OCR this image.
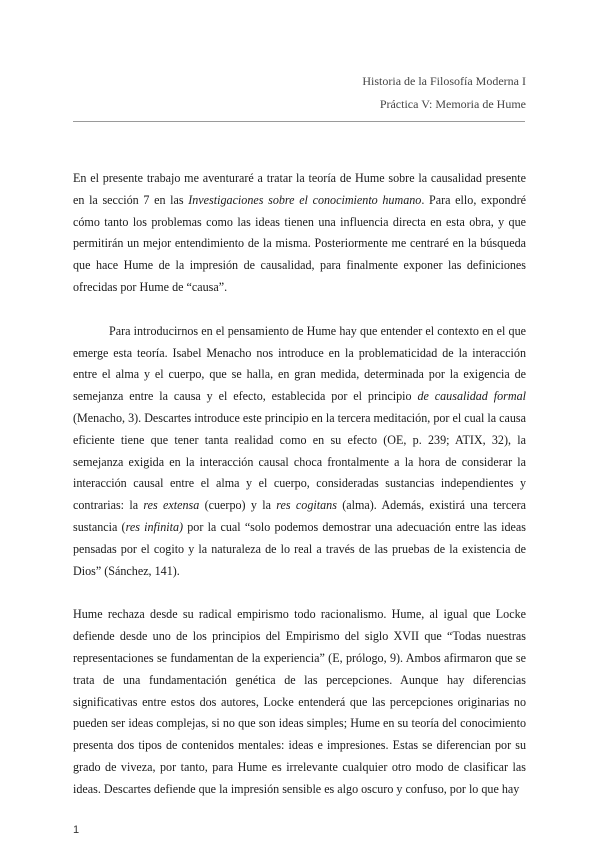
Historia de la Filosofía Moderna I
Práctica V: Memoria de Hume

En el presente trabajo me aventuraré a tratar la teoría de Hume sobre la causalidad presente en la sección 7 en las Investigaciones sobre el conocimiento humano. Para ello, expondré cómo tanto los problemas como las ideas tienen una influencia directa en esta obra, y que permitirán un mejor entendimiento de la misma. Posteriormente me centraré en la búsqueda que hace Hume de la impresión de causalidad, para finalmente exponer las definiciones ofrecidas por Hume de “causa”.

Para introducirnos en el pensamiento de Hume hay que entender el contexto en el que emerge esta teoría. Isabel Menacho nos introduce en la problematicidad de la interacción entre el alma y el cuerpo, que se halla, en gran medida, determinada por la exigencia de semejanza entre la causa y el efecto, establecida por el principio de causalidad formal (Menacho, 3). Descartes introduce este principio en la tercera meditación, por el cual la causa eficiente tiene que tener tanta realidad como en su efecto (OE, p. 239; ATIX, 32), la semejanza exigida en la interacción causal choca frontalmente a la hora de considerar la interacción causal entre el alma y el cuerpo, consideradas sustancias independientes y contrarias: la res extensa (cuerpo) y la res cogitans (alma). Además, existirá una tercera sustancia (res infinita) por la cual “solo podemos demostrar una adecuación entre las ideas pensadas por el cogito y la naturaleza de lo real a través de las pruebas de la existencia de Dios” (Sánchez, 141).

Hume rechaza desde su radical empirismo todo racionalismo. Hume, al igual que Locke defiende desde uno de los principios del Empirismo del siglo XVII que “Todas nuestras representaciones se fundamentan de la experiencia” (E, prólogo, 9). Ambos afirmaron que se trata de una fundamentación genética de las percepciones. Aunque hay diferencias significativas entre estos dos autores, Locke entenderá que las percepciones originarias no pueden ser ideas complejas, si no que son ideas simples; Hume en su teoría del conocimiento presenta dos tipos de contenidos mentales: ideas e impresiones. Estas se diferencian por su grado de viveza, por tanto, para Hume es irrelevante cualquier otro modo de clasificar las ideas. Descartes defiende que la impresión sensible es algo oscuro y confuso, por lo que hay

1
